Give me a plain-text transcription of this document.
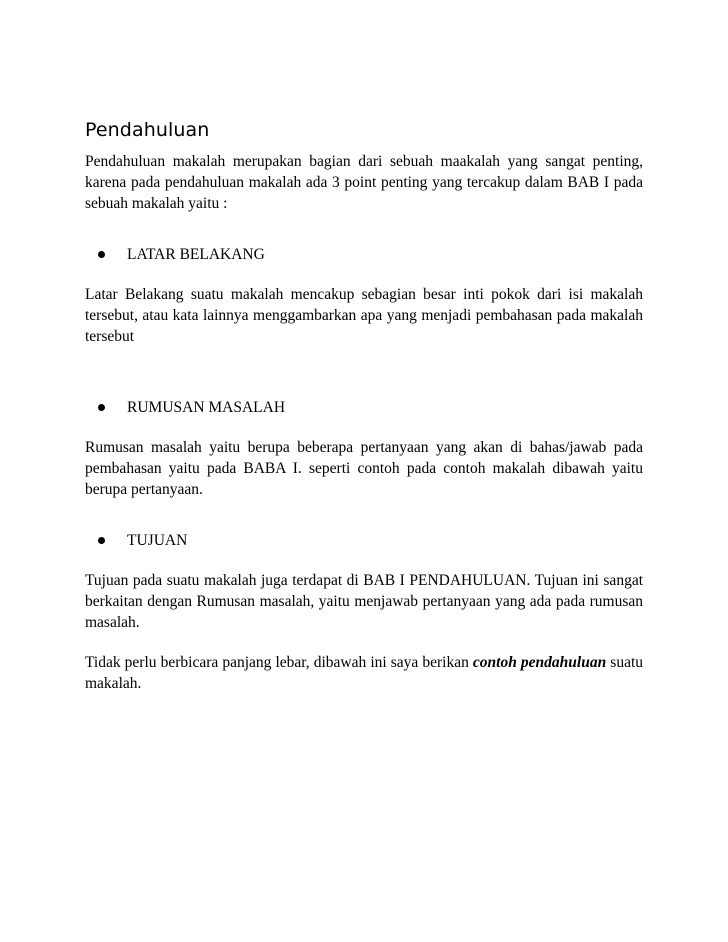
Pendahuluan

Pendahuluan makalah merupakan bagian dari sebuah maakalah yang sangat penting, karena pada pendahuluan makalah ada 3 point penting yang tercakup dalam BAB I pada sebuah makalah yaitu :

LATAR BELAKANG

Latar Belakang suatu makalah mencakup sebagian besar inti pokok dari isi makalah tersebut, atau kata lainnya menggambarkan apa yang menjadi pembahasan pada makalah tersebut

RUMUSAN MASALAH

Rumusan masalah yaitu berupa beberapa pertanyaan yang akan di bahas/jawab pada pembahasan yaitu pada BABA I. seperti contoh pada contoh makalah dibawah yaitu berupa pertanyaan.

TUJUAN

Tujuan pada suatu makalah juga terdapat di BAB I PENDAHULUAN. Tujuan ini sangat berkaitan dengan Rumusan masalah, yaitu menjawab pertanyaan yang ada pada rumusan masalah.

Tidak perlu berbicara panjang lebar, dibawah ini saya berikan contoh pendahuluan suatu makalah.
